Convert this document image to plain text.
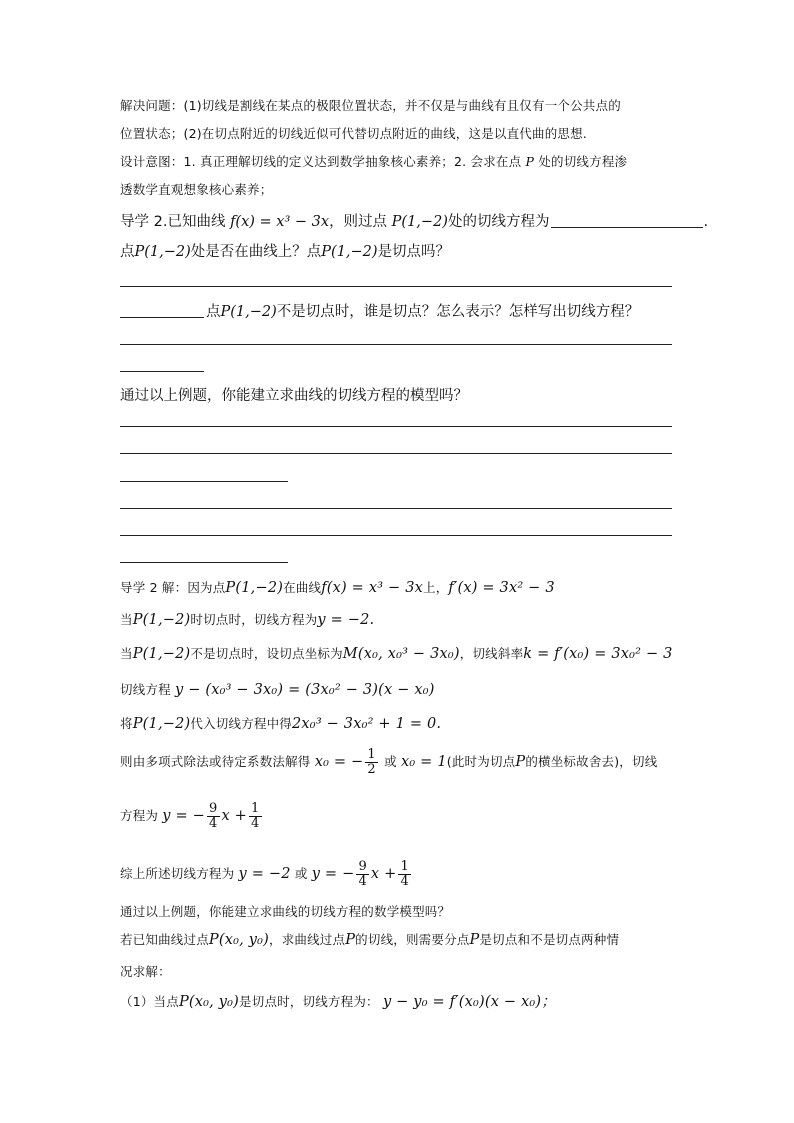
解决问题：(1)切线是割线在某点的极限位置状态，并不仅是与曲线有且仅有一个公共点的
位置状态；(2)在切点附近的切线近似可代替切点附近的曲线，这是以直代曲的思想.
设计意图：1. 真正理解切线的定义达到数学抽象核心素养；2. 会求在点 P 处的切线方程渗
透数学直观想象核心素养；
导学 2.已知曲线 f(x) = x³ − 3x，则过点 P(1,−2)处的切线方程为	.
点P(1,−2)处是否在曲线上？点P(1,−2)是切点吗？
点P(1,−2)不是切点时，谁是切点？怎么表示？怎样写出切线方程？
通过以上例题，你能建立求曲线的切线方程的模型吗？
导学 2 解：因为点P(1,−2)在曲线f(x) = x³ − 3x上，f′(x) = 3x² − 3
当P(1,−2)时切点时，切线方程为y = −2.
当P(1,−2)不是切点时，设切点坐标为M(x₀, x₀³ − 3x₀)，切线斜率k = f′(x₀) = 3x₀² − 3
切线方程 y − (x₀³ − 3x₀) = (3x₀² − 3)(x − x₀)
将P(1,−2)代入切线方程中得2x₀³ − 3x₀² + 1 = 0.
则由多项式除法或待定系数法解得 x₀ = − $\frac{1}{2}$ 或 x₀ = 1(此时为切点P的横坐标故舍去)，切线
方程为 y = − $\frac{9}{4}$ $x + \frac{1}{4}$
综上所述切线方程为 y = −2 或 y = − $\frac{9}{4}$ $x + \frac{1}{4}$
通过以上例题，你能建立求曲线的切线方程的数学模型吗？
若已知曲线过点P(x₀, y₀)，求曲线过点P的切线，则需要分点P是切点和不是切点两种情
况求解：
（1）当点P(x₀, y₀)是切点时，切线方程为： y − y₀ = f′(x₀)(x − x₀)；
